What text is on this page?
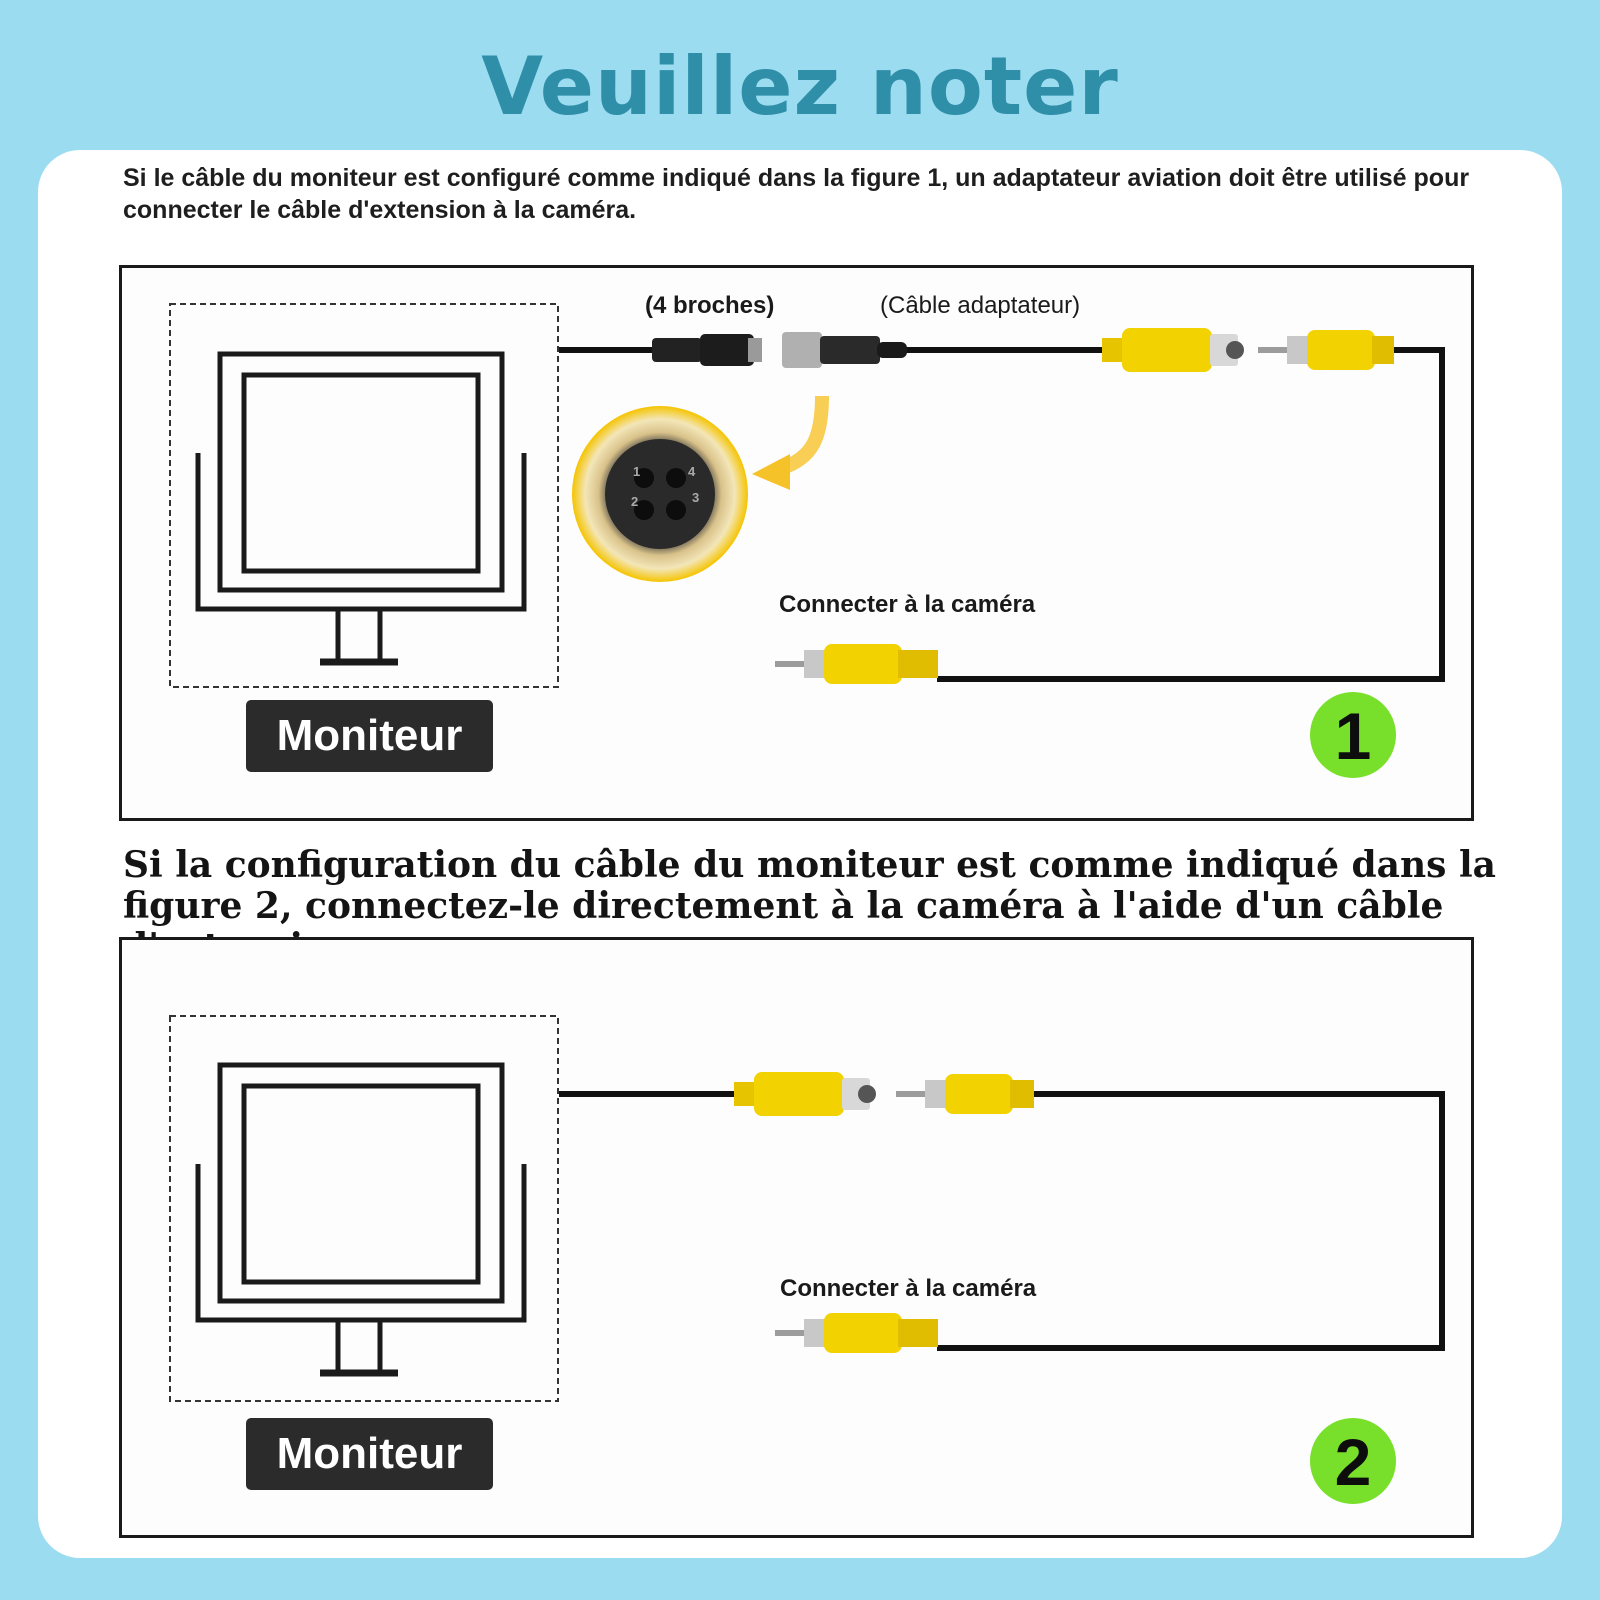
Veuillez noter
Si le câble du moniteur est configuré comme indiqué dans la figure 1, un adaptateur aviation doit être utilisé pour connecter le câble d'extension à la caméra.
1	4
2	3
(4 broches)	(Câble adaptateur)
Connecter à la caméra
Moniteur	1
Si la configuration du câble du moniteur est comme indiqué dans la figure 2, connectez-le directement à la caméra à l'aide d'un câble
Connecter à la caméra
Moniteur	2
